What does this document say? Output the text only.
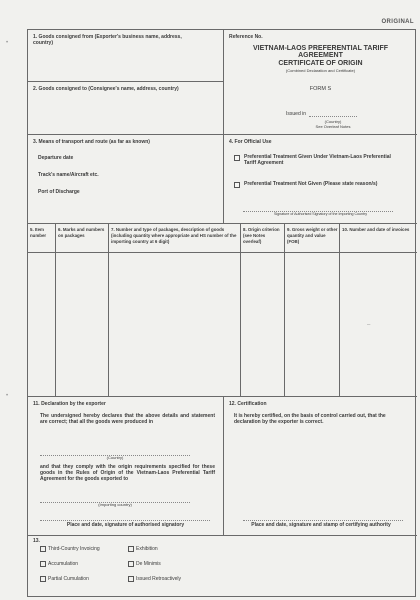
ORIGINAL
1. Goods consigned from (Exporter's business name, address, country)
2. Goods consigned to (Consignee's name, address, country)
3. Means of transport and route (as far as known)
Departure date
Track's name/Aircraft etc.
Port of Discharge
Reference No.
VIETNAM-LAOS PREFERENTIAL TARIFF
AGREEMENT
CERTIFICATE OF ORIGIN
(Combined Declaration and Certificate)
FORM S
Issued in
(Country)
See Overleaf Notes
4. For Official Use
Preferential Treatment Given Under Vietnam-Laos Preferential Tariff Agreement
Preferential Treatment Not Given (Please state reason/s)
Signature of Authorised Signatory of the Importing Country
5. Item number
6. Marks and numbers on packages
7. Number and type of packages, description of goods (including quantity where appropriate and HS number of the importing country at 6 digit)
8. Origin criterion (see Notes overleaf)
9. Gross weight or other quantity and value (FOB)
10. Number and date of invoices
11. Declaration by the exporter
The undersigned hereby declares that the above details and statement are correct; that all the goods were produced in
(Country)
and that they comply with the origin requirements specified for these goods in the Rules of Origin of the Vietnam-Laos Preferential Tariff Agreement for the goods exported to
(Importing country)
Place and date, signature of authorised signatory
12. Certification
It is hereby certified, on the basis of control carried out, that the declaration by the exporter is correct.
Place and date, signature and stamp of certifying authority
13.
Third-Country Invoicing	Exhibition
Accumulation	De Minimis
Partial Cumulation	Issued Retroactively
•
•
–
